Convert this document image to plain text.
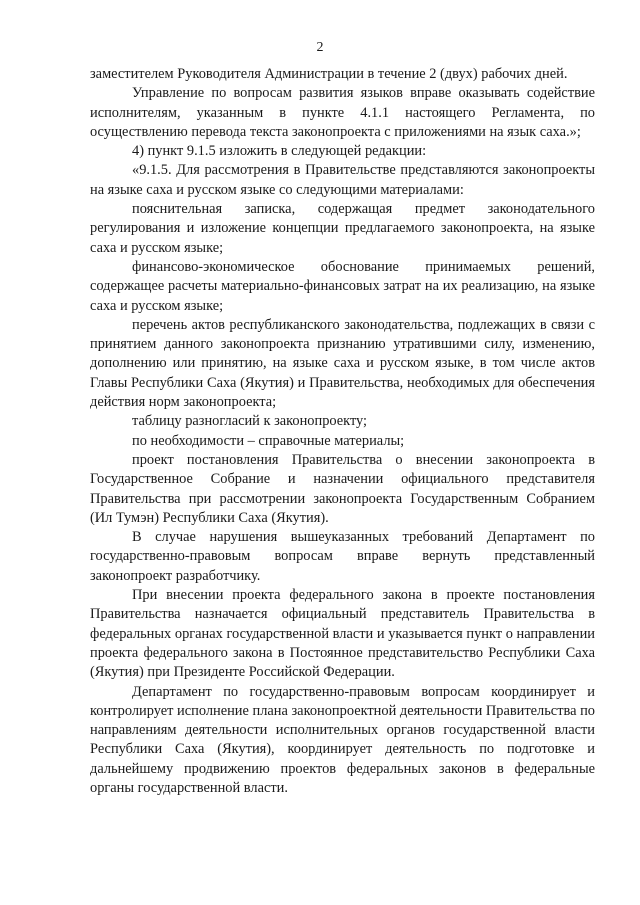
2

заместителем Руководителя Администрации в течение 2 (двух) рабочих дней.

Управление по вопросам развития языков вправе оказывать содействие исполнителям, указанным в пункте 4.1.1 настоящего Регламента, по осуществлению перевода текста законопроекта с приложениями на язык саха.»;

4) пункт 9.1.5 изложить в следующей редакции:

«9.1.5. Для рассмотрения в Правительстве представляются законопроекты на языке саха и русском языке со следующими материалами:

пояснительная записка, содержащая предмет законодательного регулирования и изложение концепции предлагаемого законопроекта, на языке саха и русском языке;

финансово-экономическое обоснование принимаемых решений, содержащее расчеты материально-финансовых затрат на их реализацию, на языке саха и русском языке;

перечень актов республиканского законодательства, подлежащих в связи с принятием данного законопроекта признанию утратившими силу, изменению, дополнению или принятию, на языке саха и русском языке, в том числе актов Главы Республики Саха (Якутия) и Правительства, необходимых для обеспечения действия норм законопроекта;

таблицу разногласий к законопроекту;

по необходимости – справочные материалы;

проект постановления Правительства о внесении законопроекта в Государственное Собрание и назначении официального представителя Правительства при рассмотрении законопроекта Государственным Собранием (Ил Тумэн) Республики Саха (Якутия).

В случае нарушения вышеуказанных требований Департамент по государственно-правовым вопросам вправе вернуть представленный законопроект разработчику.

При внесении проекта федерального закона в проекте постановления Правительства назначается официальный представитель Правительства в федеральных органах государственной власти и указывается пункт о направлении проекта федерального закона в Постоянное представительство Республики Саха (Якутия) при Президенте Российской Федерации.

Департамент по государственно-правовым вопросам координирует и контролирует исполнение плана законопроектной деятельности Правительства по направлениям деятельности исполнительных органов государственной власти Республики Саха (Якутия), координирует деятельность по подготовке и дальнейшему продвижению проектов федеральных законов в федеральные органы государственной власти.
